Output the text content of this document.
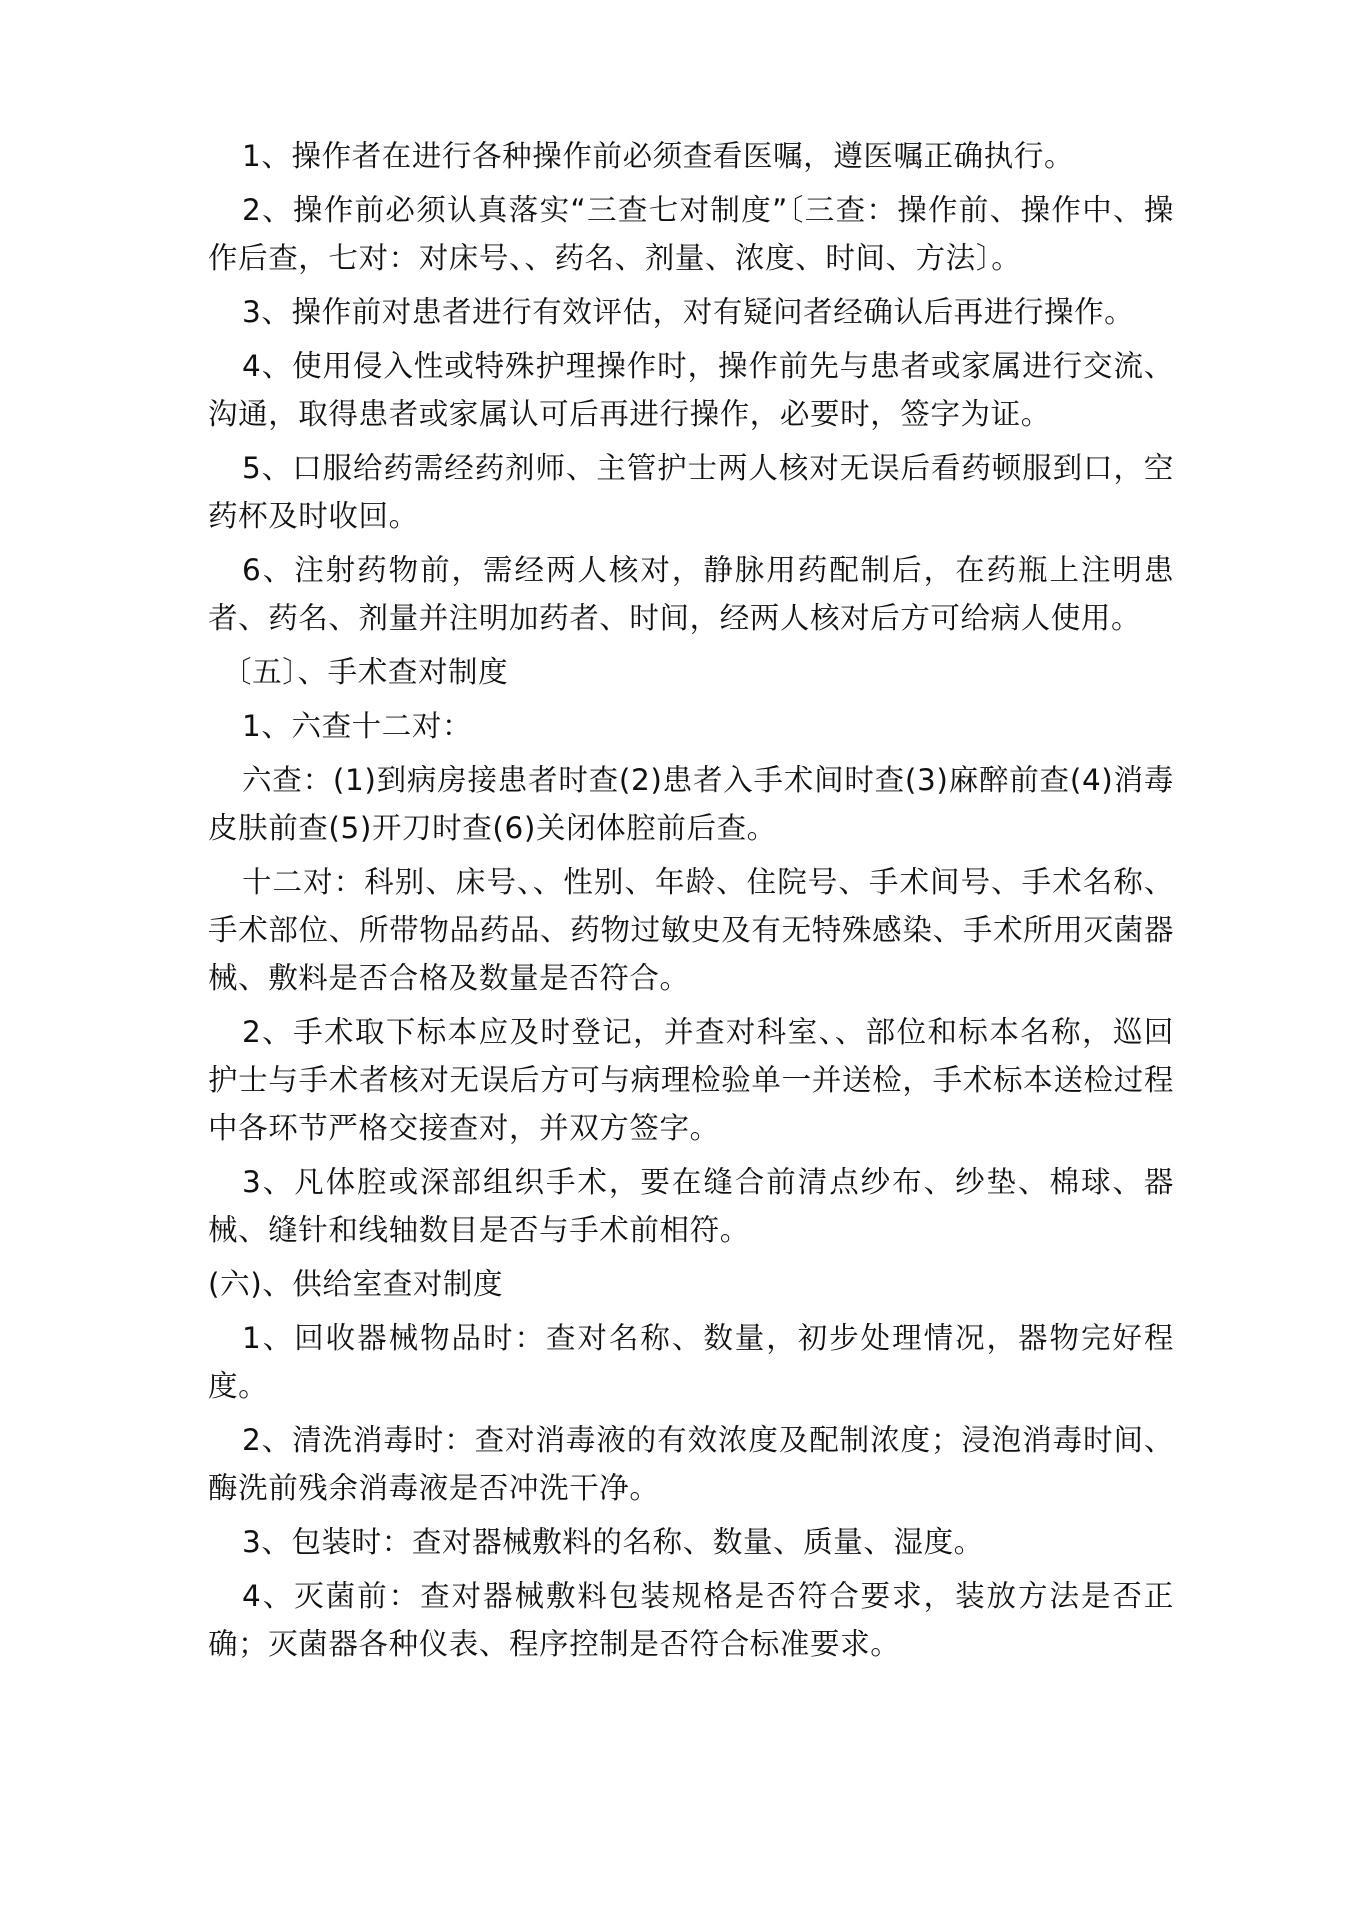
1、操作者在进行各种操作前必须查看医嘱，遵医嘱正确执行。

2、操作前必须认真落实“三查七对制度”〔三查：操作前、操作中、操作后查，七对：对床号、、药名、剂量、浓度、时间、方法〕。

3、操作前对患者进行有效评估，对有疑问者经确认后再进行操作。

4、使用侵入性或特殊护理操作时，操作前先与患者或家属进行交流、沟通，取得患者或家属认可后再进行操作，必要时，签字为证。

5、口服给药需经药剂师、主管护士两人核对无误后看药顿服到口，空药杯及时收回。

6、注射药物前，需经两人核对，静脉用药配制后，在药瓶上注明患者、药名、剂量并注明加药者、时间，经两人核对后方可给病人使用。

〔五〕、手术查对制度

1、六查十二对：

六查：(1)到病房接患者时查(2)患者入手术间时查(3)麻醉前查(4)消毒皮肤前查(5)开刀时查(6)关闭体腔前后查。

十二对：科别、床号、、性别、年龄、住院号、手术间号、手术名称、手术部位、所带物品药品、药物过敏史及有无特殊感染、手术所用灭菌器械、敷料是否合格及数量是否符合。

2、手术取下标本应及时登记，并查对科室、、部位和标本名称，巡回护士与手术者核对无误后方可与病理检验单一并送检，手术标本送检过程中各环节严格交接查对，并双方签字。

3、凡体腔或深部组织手术，要在缝合前清点纱布、纱垫、棉球、器械、缝针和线轴数目是否与手术前相符。

(六)、供给室查对制度

1、回收器械物品时：查对名称、数量，初步处理情况，器物完好程度。

2、清洗消毒时：查对消毒液的有效浓度及配制浓度；浸泡消毒时间、酶洗前残余消毒液是否冲洗干净。

3、包装时：查对器械敷料的名称、数量、质量、湿度。

4、灭菌前：查对器械敷料包装规格是否符合要求，装放方法是否正确；灭菌器各种仪表、程序控制是否符合标准要求。
